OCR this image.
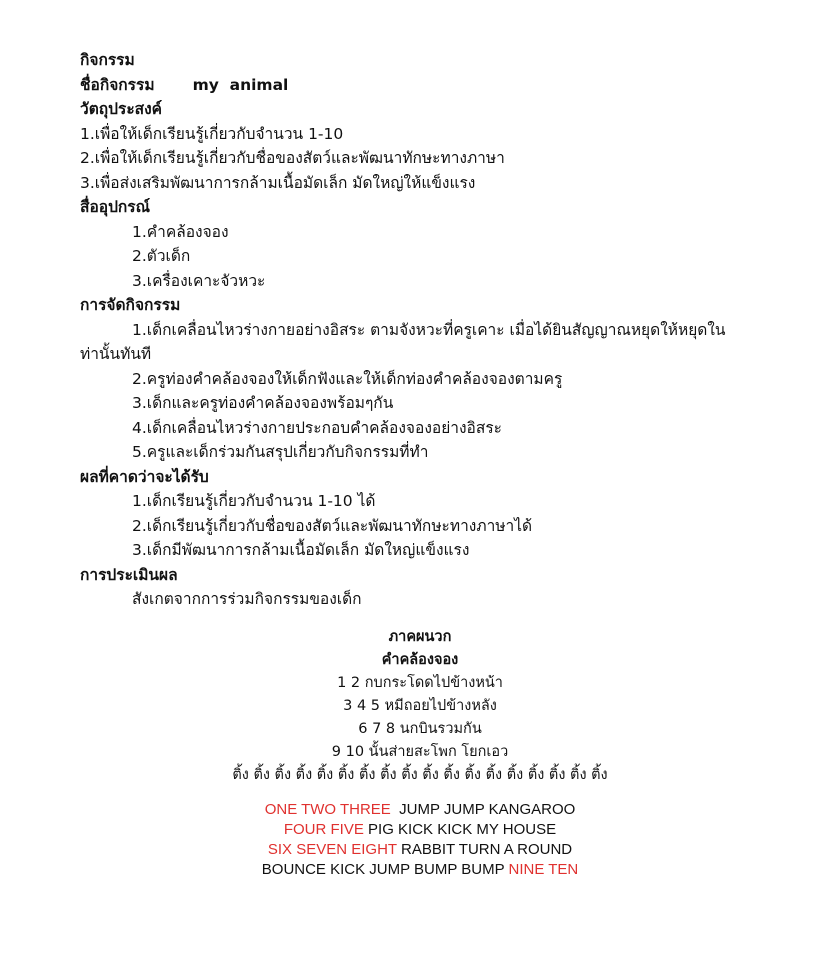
กิจกรรม
ชื่อกิจกรรม my  animal
วัตถุประสงค์
1.เพื่อให้เด็กเรียนรู้เกี่ยวกับจำนวน 1-10
2.เพื่อให้เด็กเรียนรู้เกี่ยวกับชื่อของสัตว์และพัฒนาทักษะทางภาษา
3.เพื่อส่งเสริมพัฒนาการกล้ามเนื้อมัดเล็ก มัดใหญ่ให้แข็งแรง
สื่ออุปกรณ์
1.คำคล้องจอง
2.ตัวเด็ก
3.เครื่องเคาะจัวหวะ
การจัดกิจกรรม
1.เด็กเคลื่อนไหวร่างกายอย่างอิสระ ตามจังหวะที่ครูเคาะ เมื่อได้ยินสัญญาณหยุดให้หยุดใน
ท่านั้นทันที
2.ครูท่องคำคล้องจองให้เด็กฟังและให้เด็กท่องคำคล้องจองตามครู
3.เด็กและครูท่องคำคล้องจองพร้อมๆกัน
4.เด็กเคลื่อนไหวร่างกายประกอบคำคล้องจองอย่างอิสระ
5.ครูและเด็กร่วมกันสรุปเกี่ยวกับกิจกรรมที่ทำ
ผลที่คาดว่าจะได้รับ
1.เด็กเรียนรู้เกี่ยวกับจำนวน 1-10 ได้
2.เด็กเรียนรู้เกี่ยวกับชื่อของสัตว์และพัฒนาทักษะทางภาษาได้
3.เด็กมีพัฒนาการกล้ามเนื้อมัดเล็ก มัดใหญ่แข็งแรง
การประเมินผล
สังเกตจากการร่วมกิจกรรมของเด็ก
ภาคผนวก
คำคล้องจอง
1 2 กบกระโดดไปข้างหน้า
3 4 5 หมีถอยไปข้างหลัง
6 7 8 นกบินรวมกัน
9 10 นั้นส่ายสะโพก โยกเอว
ติ้ง ติ้ง ติ้ง ติ้ง ติ้ง ติ้ง ติ้ง ติ้ง ติ้ง ติ้ง ติ้ง ติ้ง ติ้ง ติ้ง ติ้ง ติ้ง ติ้ง ติ้ง
ONE TWO THREE  JUMP JUMP KANGAROO
FOUR FIVE PIG KICK KICK MY HOUSE
SIX SEVEN EIGHT RABBIT TURN A ROUND
BOUNCE KICK JUMP BUMP BUMP NINE TEN
